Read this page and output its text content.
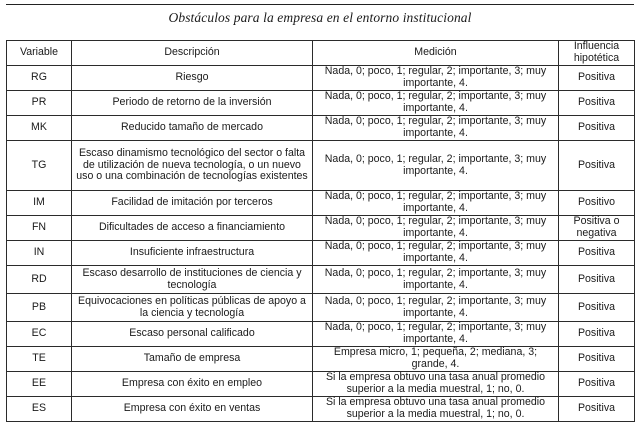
Obstáculos para la empresa en el entorno institucional
Variable	Descripción	Medición	Influencia hipotética
RG	Riesgo	Nada, 0; poco, 1; regular, 2; importante, 3; muy importante, 4.	Positiva
PR	Periodo de retorno de la inversión	Nada, 0; poco, 1; regular, 2; importante, 3; muy importante, 4.	Positiva
MK	Reducido tamaño de mercado	Nada, 0; poco, 1; regular, 2; importante, 3; muy importante, 4.	Positiva
TG	Escaso dinamismo tecnológico del sector o falta de utilización de nueva tecnología, o un nuevo uso o una combinación de tecnologías existentes	Nada, 0; poco, 1; regular, 2; importante, 3; muy importante, 4.	Positiva
IM	Facilidad de imitación por terceros	Nada, 0; poco, 1; regular, 2; importante, 3; muy importante, 4.	Positivo
FN	Dificultades de acceso a financiamiento	Nada, 0; poco, 1; regular, 2; importante, 3; muy importante, 4.	Positiva o negativa
IN	Insuficiente infraestructura	Nada, 0; poco, 1; regular, 2; importante, 3; muy importante, 4.	Positiva
RD	Escaso desarrollo de instituciones de ciencia y tecnología	Nada, 0; poco, 1; regular, 2; importante, 3; muy importante, 4.	Positiva
PB	Equivocaciones en políticas públicas de apoyo a la ciencia y tecnología	Nada, 0; poco, 1; regular, 2; importante, 3; muy importante, 4.	Positiva
EC	Escaso personal calificado	Nada, 0; poco, 1; regular, 2; importante, 3; muy importante, 4.	Positiva
TE	Tamaño de empresa	Empresa micro, 1; pequeña, 2; mediana, 3; grande, 4.	Positiva
EE	Empresa con éxito en empleo	Si la empresa obtuvo una tasa anual promedio superior a la media muestral, 1; no, 0.	Positiva
ES	Empresa con éxito en ventas	Si la empresa obtuvo una tasa anual promedio superior a la media muestral, 1; no, 0.	Positiva
